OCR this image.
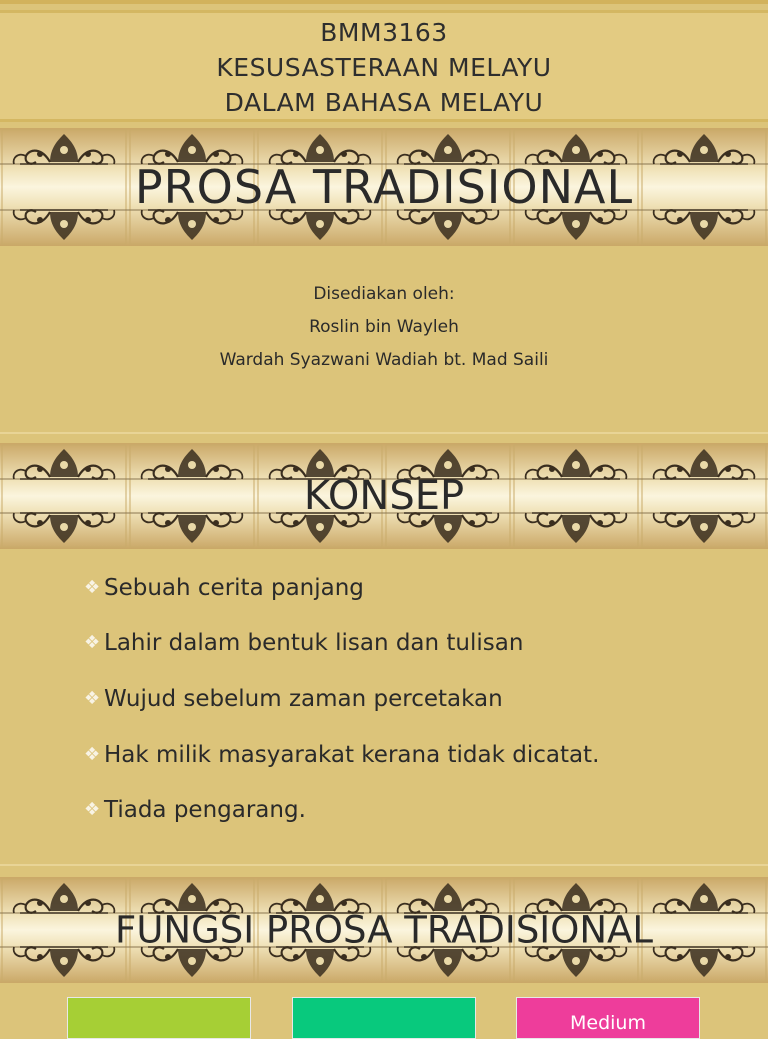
BMM3163
KESUSASTERAAN MELAYU
DALAM BAHASA MELAYU
PROSA TRADISIONAL
Disediakan oleh:
Roslin bin Wayleh
Wardah Syazwani Wadiah bt. Mad Saili
KONSEP
❖ Sebuah cerita panjang
❖ Lahir dalam bentuk lisan dan tulisan
❖ Wujud sebelum zaman percetakan
❖ Hak milik masyarakat kerana tidak dicatat.
❖ Tiada pengarang.
FUNGSI PROSA TRADISIONAL
Medium
